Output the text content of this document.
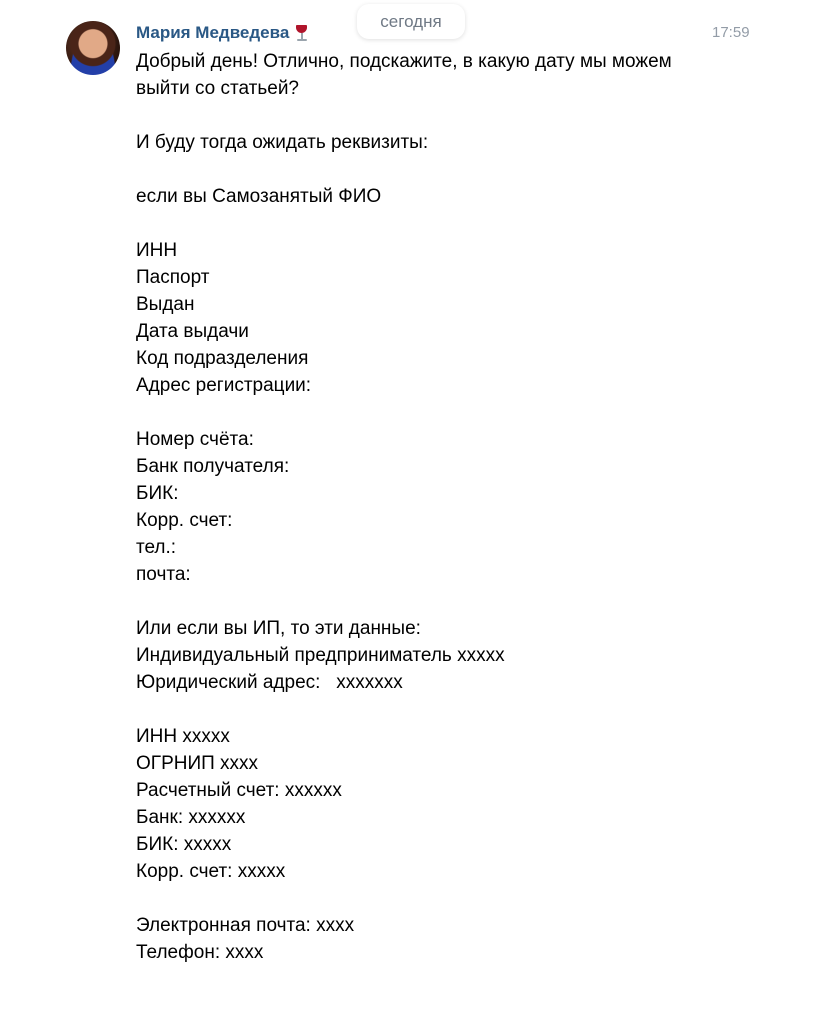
сегодня
Мария Медведева	17:59
Добрый день! Отлично, подскажите, в какую дату мы можем
выйти со статьей?
И буду тогда ожидать реквизиты:
если вы Самозанятый ФИО
ИНН
Паспорт
Выдан
Дата выдачи
Код подразделения
Адрес регистрации:
Номер счёта:
Банк получателя:
БИК:
Корр. счет:
тел.:
почта:
Или если вы ИП, то эти данные:
Индивидуальный предприниматель xxxxx
Юридический адрес:   xxxxxxx
ИНН xxxxx
ОГРНИП xxxx
Расчетный счет: xxxxxx
Банк: xxxxxx
БИК: xxxxx
Корр. счет: xxxxx
Электронная почта: xxxx
Телефон: xxxx
